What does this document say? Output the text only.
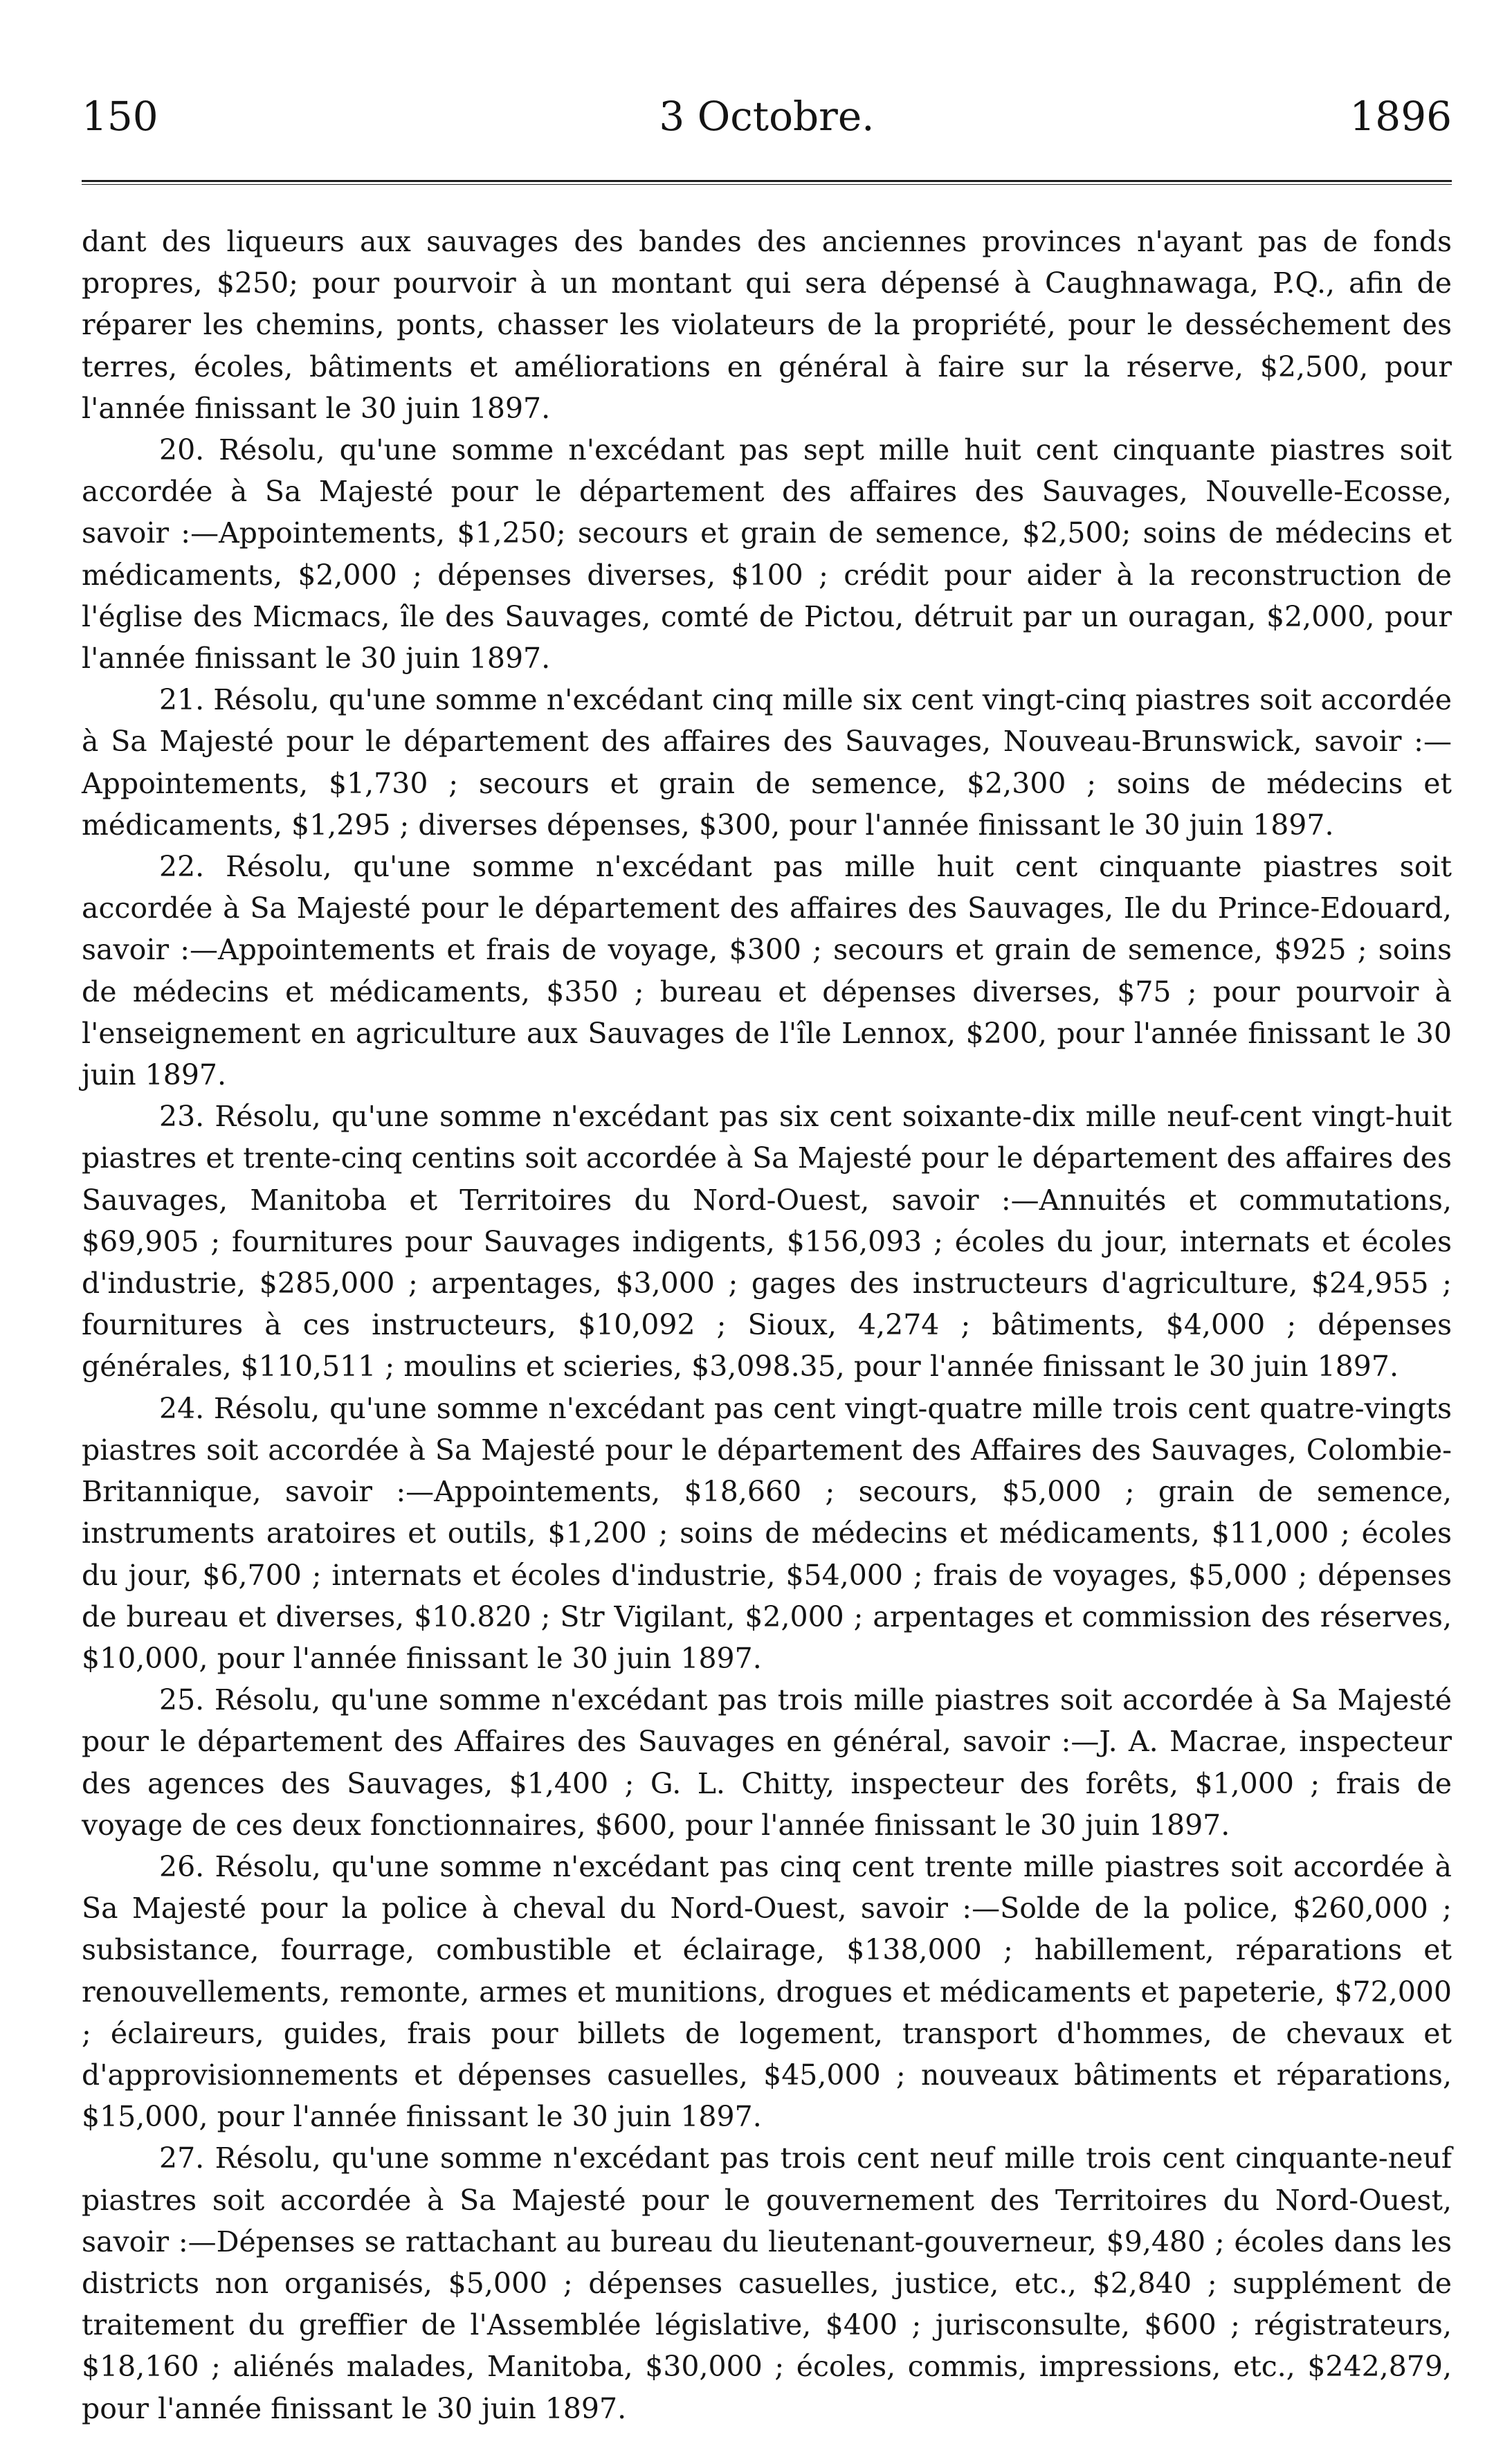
150	3 Octobre.	1896

dant des liqueurs aux sauvages des bandes des anciennes provinces n'ayant pas de fonds propres, $250; pour pourvoir à un montant qui sera dépensé à Caughnawaga, P.Q., afin de réparer les chemins, ponts, chasser les violateurs de la propriété, pour le desséchement des terres, écoles, bâtiments et améliorations en général à faire sur la réserve, $2,500, pour l'année finissant le 30 juin 1897.

20. Résolu, qu'une somme n'excédant pas sept mille huit cent cinquante piastres soit accordée à Sa Majesté pour le département des affaires des Sauvages, Nouvelle-Ecosse, savoir :—Appointements, $1,250; secours et grain de semence, $2,500; soins de médecins et médicaments, $2,000 ; dépenses diverses, $100 ; crédit pour aider à la reconstruction de l'église des Micmacs, île des Sauvages, comté de Pictou, détruit par un ouragan, $2,000, pour l'année finissant le 30 juin 1897.

21. Résolu, qu'une somme n'excédant cinq mille six cent vingt-cinq piastres soit accordée à Sa Majesté pour le département des affaires des Sauvages, Nouveau-Brunswick, savoir :—Appointements, $1,730 ; secours et grain de semence, $2,300 ; soins de médecins et médicaments, $1,295 ; diverses dépenses, $300, pour l'année finissant le 30 juin 1897.

22. Résolu, qu'une somme n'excédant pas mille huit cent cinquante piastres soit accordée à Sa Majesté pour le département des affaires des Sauvages, Ile du Prince-Edouard, savoir :—Appointements et frais de voyage, $300 ; secours et grain de semence, $925 ; soins de médecins et médicaments, $350 ; bureau et dépenses diverses, $75 ; pour pourvoir à l'enseignement en agriculture aux Sauvages de l'île Lennox, $200, pour l'année finissant le 30 juin 1897.

23. Résolu, qu'une somme n'excédant pas six cent soixante-dix mille neuf-cent vingt-huit piastres et trente-cinq centins soit accordée à Sa Majesté pour le département des affaires des Sauvages, Manitoba et Territoires du Nord-Ouest, savoir :—Annuités et commutations, $69,905 ; fournitures pour Sauvages indigents, $156,093 ; écoles du jour, internats et écoles d'industrie, $285,000 ; arpentages, $3,000 ; gages des instructeurs d'agriculture, $24,955 ; fournitures à ces instructeurs, $10,092 ; Sioux, 4,274 ; bâtiments, $4,000 ; dépenses générales, $110,511 ; moulins et scieries, $3,098.35, pour l'année finissant le 30 juin 1897.

24. Résolu, qu'une somme n'excédant pas cent vingt-quatre mille trois cent quatre-vingts piastres soit accordée à Sa Majesté pour le département des Affaires des Sauvages, Colombie-Britannique, savoir :—Appointements, $18,660 ; secours, $5,000 ; grain de semence, instruments aratoires et outils, $1,200 ; soins de médecins et médicaments, $11,000 ; écoles du jour, $6,700 ; internats et écoles d'industrie, $54,000 ; frais de voyages, $5,000 ; dépenses de bureau et diverses, $10.820 ; Str Vigilant, $2,000 ; arpentages et commission des réserves, $10,000, pour l'année finissant le 30 juin 1897.

25. Résolu, qu'une somme n'excédant pas trois mille piastres soit accordée à Sa Majesté pour le département des Affaires des Sauvages en général, savoir :—J. A. Macrae, inspecteur des agences des Sauvages, $1,400 ; G. L. Chitty, inspecteur des forêts, $1,000 ; frais de voyage de ces deux fonctionnaires, $600, pour l'année finissant le 30 juin 1897.

26. Résolu, qu'une somme n'excédant pas cinq cent trente mille piastres soit accordée à Sa Majesté pour la police à cheval du Nord-Ouest, savoir :—Solde de la police, $260,000 ; subsistance, fourrage, combustible et éclairage, $138,000 ; habillement, réparations et renouvellements, remonte, armes et munitions, drogues et médicaments et papeterie, $72,000 ; éclaireurs, guides, frais pour billets de logement, transport d'hommes, de chevaux et d'approvisionnements et dépenses casuelles, $45,000 ; nouveaux bâtiments et réparations, $15,000, pour l'année finissant le 30 juin 1897.

27. Résolu, qu'une somme n'excédant pas trois cent neuf mille trois cent cinquante-neuf piastres soit accordée à Sa Majesté pour le gouvernement des Territoires du Nord-Ouest, savoir :—Dépenses se rattachant au bureau du lieutenant-gouverneur, $9,480 ; écoles dans les districts non organisés, $5,000 ; dépenses casuelles, justice, etc., $2,840 ; supplément de traitement du greffier de l'Assemblée législative, $400 ; jurisconsulte, $600 ; régistrateurs, $18,160 ; aliénés malades, Manitoba, $30,000 ; écoles, commis, impressions, etc., $242,879, pour l'année finissant le 30 juin 1897.
